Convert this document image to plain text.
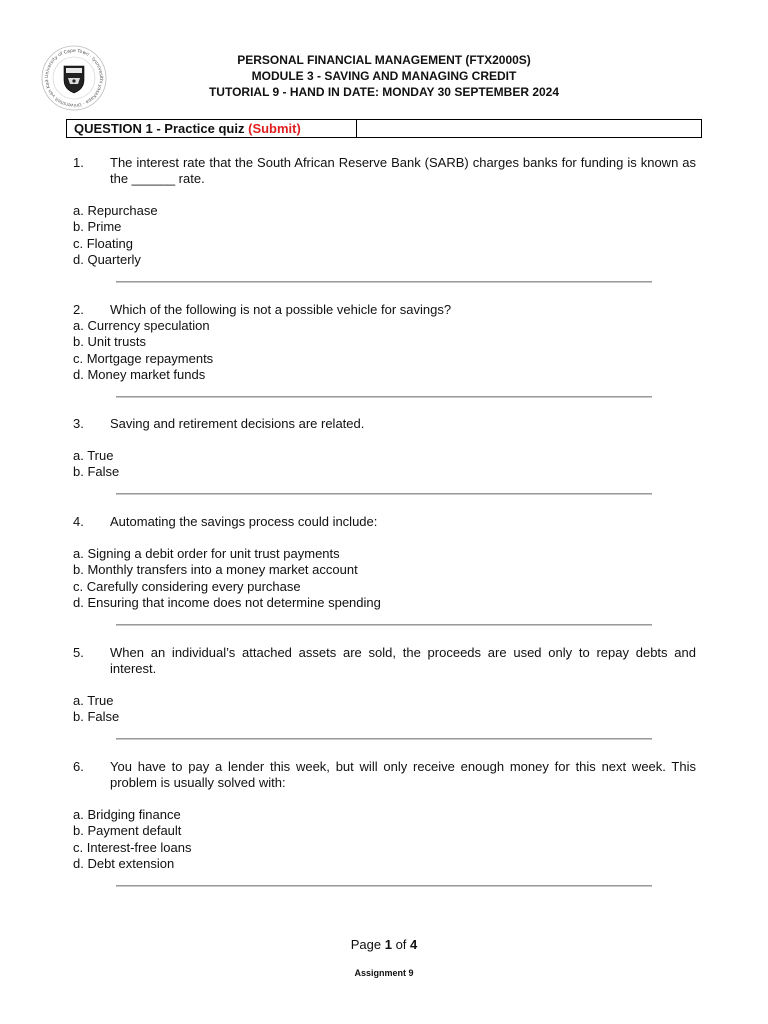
University of Cape Town · Iyunivesithi yaseKapa · Universiteit van Kaa
PERSONAL FINANCIAL MANAGEMENT (FTX2000S)
MODULE 3 - SAVING AND MANAGING CREDIT
TUTORIAL 9 - HAND IN DATE: MONDAY 30 SEPTEMBER 2024
QUESTION 1 - Practice quiz (Submit)
1.	The interest rate that the South African Reserve Bank (SARB) charges banks for funding is known as the ______ rate.
a. Repurchase
b. Prime
c. Floating
d. Quarterly
2.	Which of the following is not a possible vehicle for savings?
a. Currency speculation
b. Unit trusts
c. Mortgage repayments
d. Money market funds
3.	Saving and retirement decisions are related.
a. True
b. False
4.	Automating the savings process could include:
a. Signing a debit order for unit trust payments
b. Monthly transfers into a money market account
c. Carefully considering every purchase
d. Ensuring that income does not determine spending
5.	When an individual’s attached assets are sold, the proceeds are used only to repay debts and interest.
a. True
b. False
6.	You have to pay a lender this week, but will only receive enough money for this next week. This problem is usually solved with:
a. Bridging finance
b. Payment default
c. Interest-free loans
d. Debt extension
Page 1 of 4
Assignment 9
